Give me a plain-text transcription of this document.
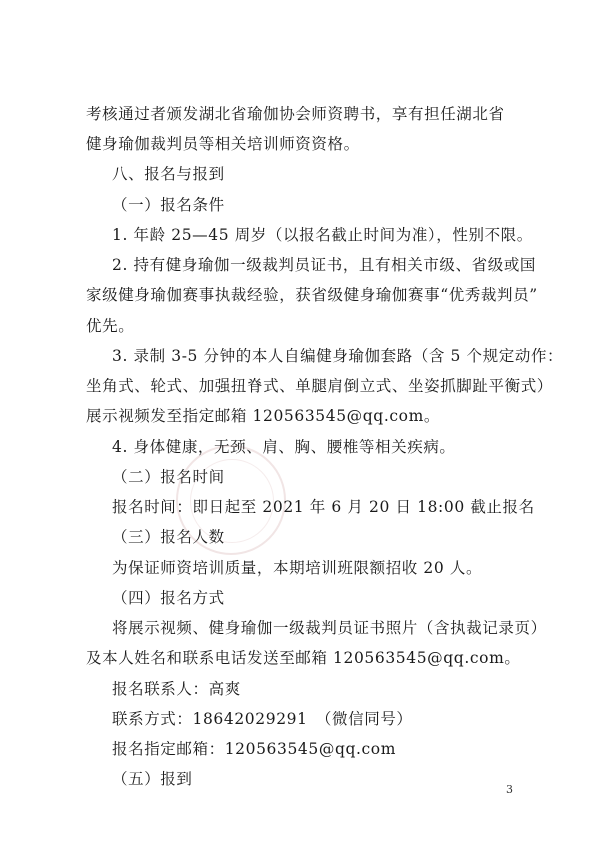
考核通过者颁发湖北省瑜伽协会师资聘书，享有担任湖北省
健身瑜伽裁判员等相关培训师资资格。
八、报名与报到
（一）报名条件
1. 年龄 25—45 周岁（以报名截止时间为准），性别不限。
2. 持有健身瑜伽一级裁判员证书，且有相关市级、省级或国
家级健身瑜伽赛事执裁经验，获省级健身瑜伽赛事“优秀裁判员”
优先。
3. 录制 3-5 分钟的本人自编健身瑜伽套路（含 5 个规定动作：
坐角式、轮式、加强扭脊式、单腿肩倒立式、坐姿抓脚趾平衡式）
展示视频发至指定邮箱 120563545@qq.com。
4. 身体健康，无颈、肩、胸、腰椎等相关疾病。
（二）报名时间
报名时间：即日起至 2021 年 6 月 20 日 18:00 截止报名
（三）报名人数
为保证师资培训质量，本期培训班限额招收 20 人。
（四）报名方式
将展示视频、健身瑜伽一级裁判员证书照片（含执裁记录页）
及本人姓名和联系电话发送至邮箱 120563545@qq.com。
报名联系人：高爽
联系方式：18642029291　（微信同号）
报名指定邮箱：120563545@qq.com
（五）报到
3
